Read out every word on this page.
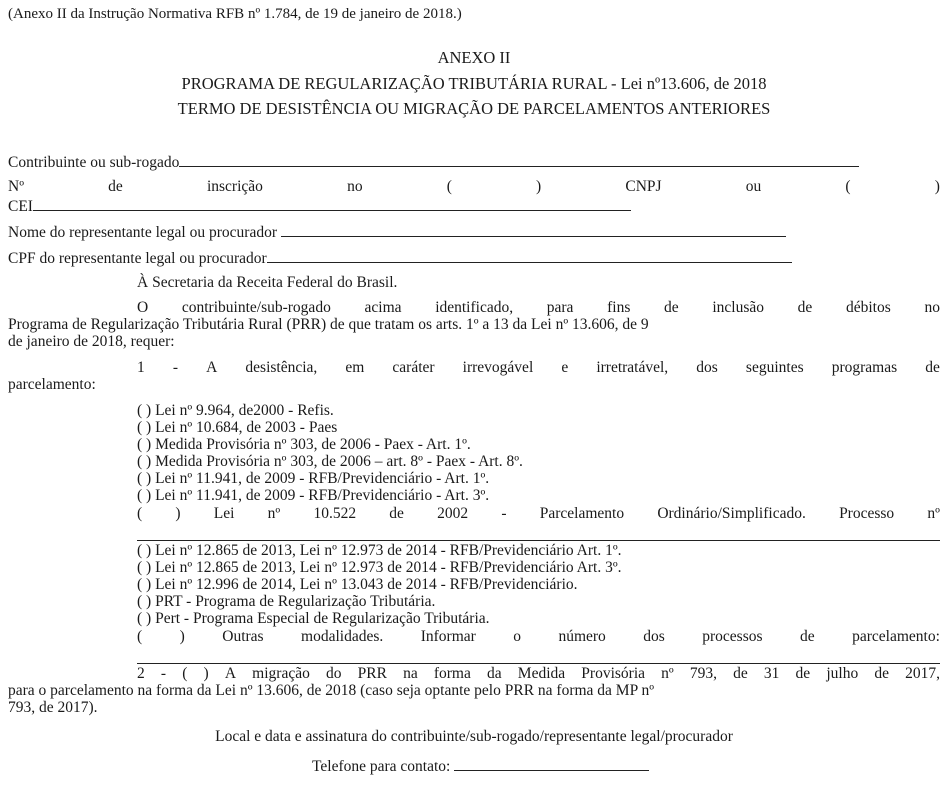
(Anexo II da Instrução Normativa RFB nº 1.784, de 19 de janeiro de 2018.)
ANEXO II
PROGRAMA DE REGULARIZAÇÃO TRIBUTÁRIA RURAL - Lei nº13.606, de 2018
TERMO DE DESISTÊNCIA OU MIGRAÇÃO DE PARCELAMENTOS ANTERIORES
Contribuinte ou sub-rogado
Nº	de	inscrição	no	(	)	CNPJ	ou	(	)
CEI
Nome do representante legal ou procurador
CPF do representante legal ou procurador
À Secretaria da Receita Federal do Brasil.
O contribuinte/sub-rogado acima identificado, para fins de inclusão de débitos no
Programa de Regularização Tributária Rural (PRR) de que tratam os arts. 1º a 13 da Lei nº 13.606, de 9
de janeiro de 2018, requer:
1 - A desistência, em caráter irrevogável e irretratável, dos seguintes programas de
parcelamento:
( ) Lei nº 9.964, de2000 - Refis.
( ) Lei nº 10.684, de 2003 - Paes
( ) Medida Provisória nº 303, de 2006 - Paex - Art. 1º.
( ) Medida Provisória nº 303, de 2006 – art. 8º - Paex - Art. 8º.
( ) Lei nº 11.941, de 2009 - RFB/Previdenciário - Art. 1º.
( ) Lei nº 11.941, de 2009 - RFB/Previdenciário - Art. 3º.
( ) Lei nº 10.522 de 2002 - Parcelamento Ordinário/Simplificado. Processo nº
( ) Lei nº 12.865 de 2013, Lei nº 12.973 de 2014 - RFB/Previdenciário Art. 1º.
( ) Lei nº 12.865 de 2013, Lei nº 12.973 de 2014 - RFB/Previdenciário Art. 3º.
( ) Lei nº 12.996 de 2014, Lei nº 13.043 de 2014 - RFB/Previdenciário.
( ) PRT - Programa de Regularização Tributária.
( ) Pert - Programa Especial de Regularização Tributária.
( ) Outras modalidades. Informar o número dos processos de parcelamento:
2 - ( ) A migração do PRR na forma da Medida Provisória nº 793, de 31 de julho de 2017,
para o parcelamento na forma da Lei nº 13.606, de 2018 (caso seja optante pelo PRR na forma da MP nº
793, de 2017).
Local e data e assinatura do contribuinte/sub-rogado/representante legal/procurador
Telefone para contato:
